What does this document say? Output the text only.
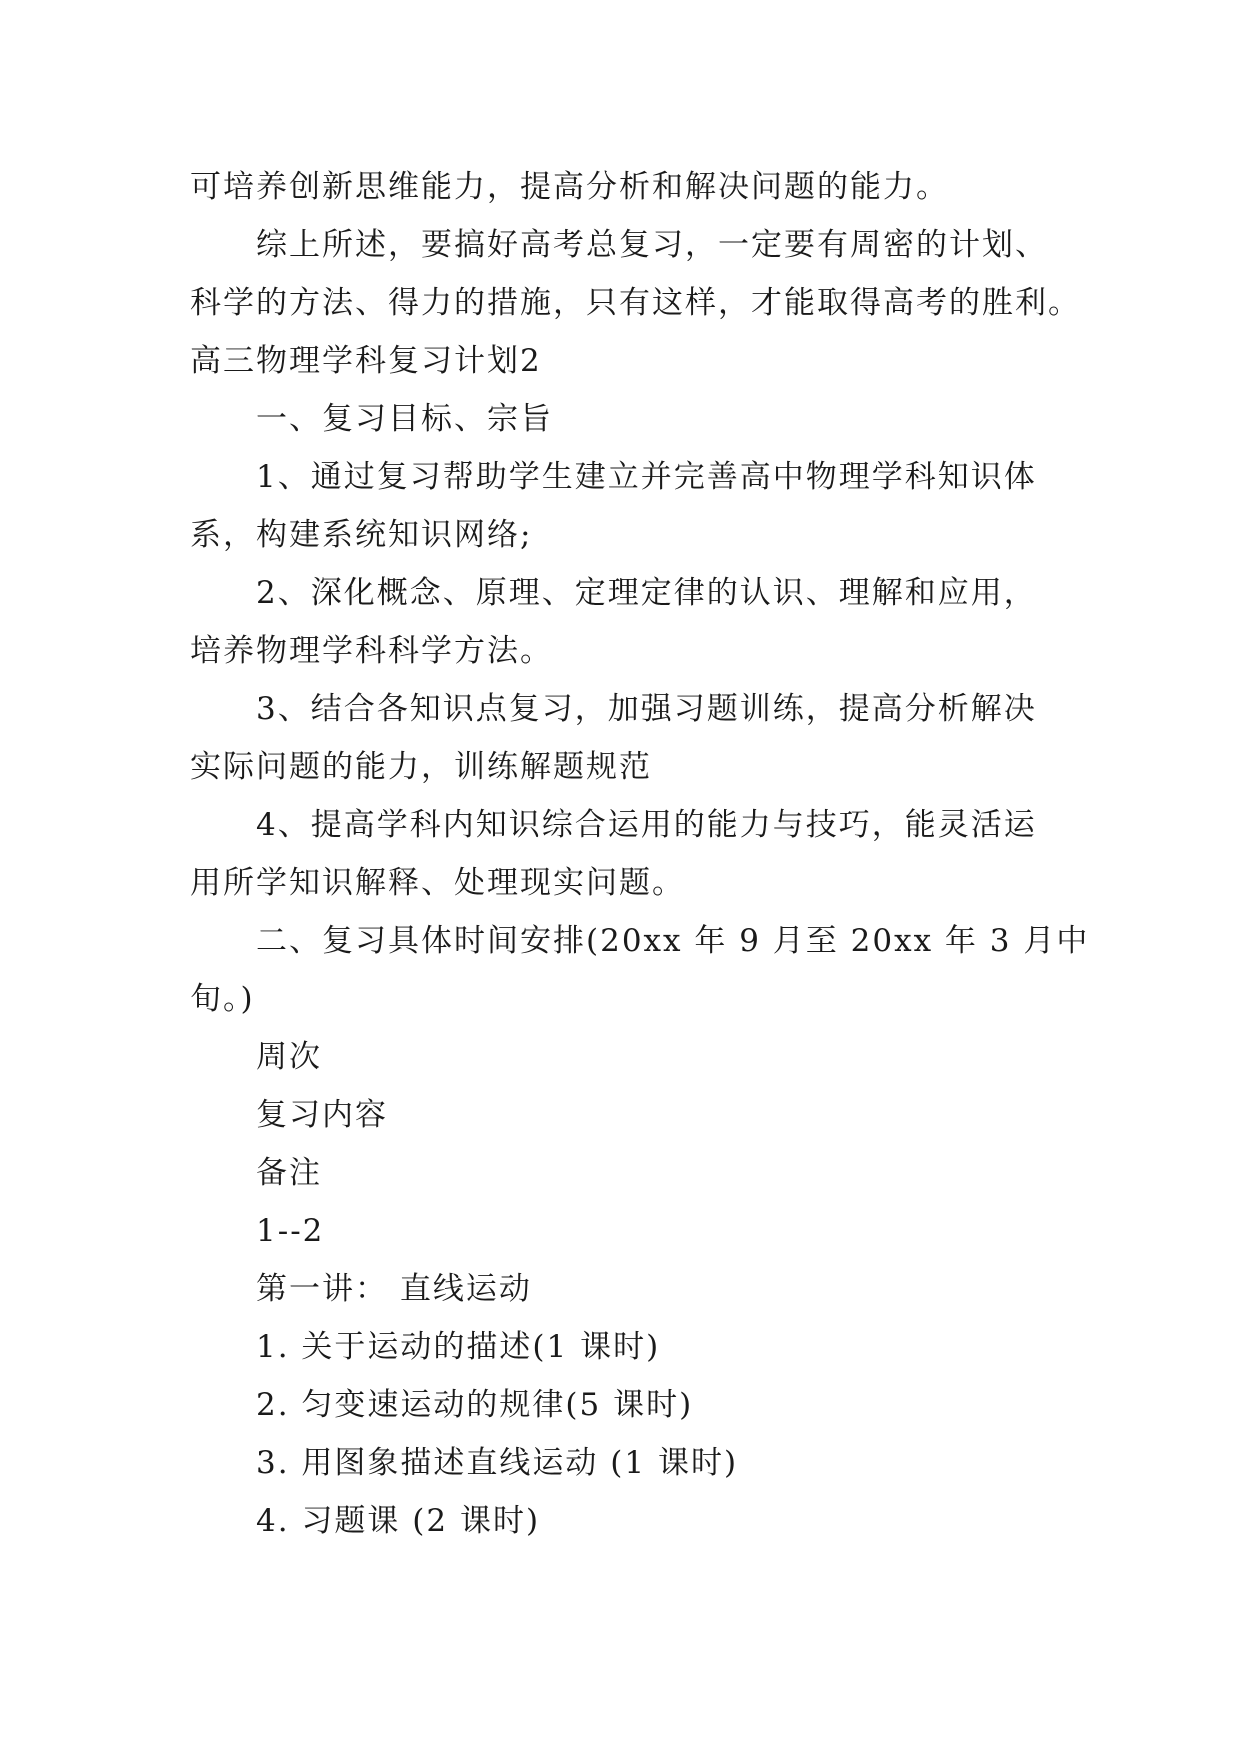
可培养创新思维能力，提高分析和解决问题的能力。
综上所述，要搞好高考总复习，一定要有周密的计划、
科学的方法、得力的措施，只有这样，才能取得高考的胜利。
高三物理学科复习计划2
一、复习目标、宗旨
1、通过复习帮助学生建立并完善高中物理学科知识体
系，构建系统知识网络;
2、深化概念、原理、定理定律的认识、理解和应用，
培养物理学科科学方法。
3、结合各知识点复习，加强习题训练，提高分析解决
实际问题的能力，训练解题规范
4、提高学科内知识综合运用的能力与技巧，能灵活运
用所学知识解释、处理现实问题。
二、复习具体时间安排(20xx 年 9 月至 20xx 年 3 月中
旬。)
周次
复习内容
备注
1--2
第一讲： 直线运动
1. 关于运动的描述(1 课时)
2. 匀变速运动的规律(5 课时)
3. 用图象描述直线运动 (1 课时)
4. 习题课 (2 课时)
